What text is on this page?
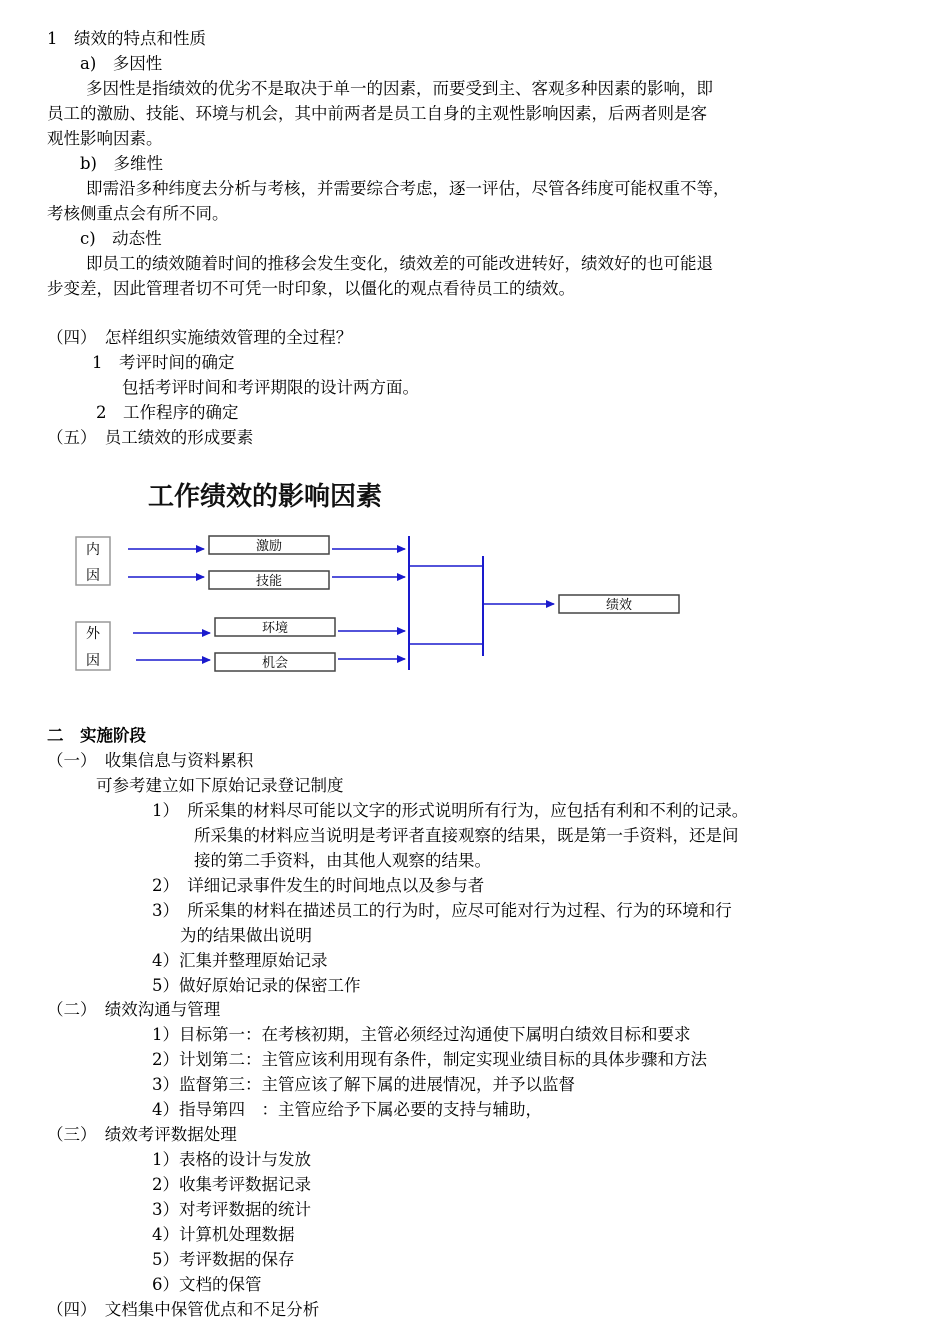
1　绩效的特点和性质
a)　多因性
多因性是指绩效的优劣不是取决于单一的因素，而要受到主、客观多种因素的影响，即
员工的激励、技能、环境与机会，其中前两者是员工自身的主观性影响因素，后两者则是客
观性影响因素。
b)　多维性
即需沿多种纬度去分析与考核，并需要综合考虑，逐一评估，尽管各纬度可能权重不等，
考核侧重点会有所不同。
c)　动态性
即员工的绩效随着时间的推移会发生变化，绩效差的可能改进转好，绩效好的也可能退
步变差，因此管理者切不可凭一时印象，以僵化的观点看待员工的绩效。
（四）　怎样组织实施绩效管理的全过程？
1　考评时间的确定
包括考评时间和考评期限的设计两方面。
2　工作程序的确定
（五）　员工绩效的形成要素
工作绩效的影响因素
内
因
外
因
激励
技能
环境
机会
绩效
二　实施阶段
（一）　收集信息与资料累积
可参考建立如下原始记录登记制度
1）　所采集的材料尽可能以文字的形式说明所有行为，应包括有利和不利的记录。
所采集的材料应当说明是考评者直接观察的结果，既是第一手资料，还是间
接的第二手资料，由其他人观察的结果。
2）　详细记录事件发生的时间地点以及参与者
3）　所采集的材料在描述员工的行为时，应尽可能对行为过程、行为的环境和行
为的结果做出说明
4）汇集并整理原始记录
5）做好原始记录的保密工作
（二）　绩效沟通与管理
1）目标第一：在考核初期，主管必须经过沟通使下属明白绩效目标和要求
2）计划第二：主管应该利用现有条件，制定实现业绩目标的具体步骤和方法
3）监督第三：主管应该了解下属的进展情况，并予以监督
4）指导第四　：主管应给予下属必要的支持与辅助，
（三）　绩效考评数据处理
1）表格的设计与发放
2）收集考评数据记录
3）对考评数据的统计
4）计算机处理数据
5）考评数据的保存
6）文档的保管
（四）　文档集中保管优点和不足分析
